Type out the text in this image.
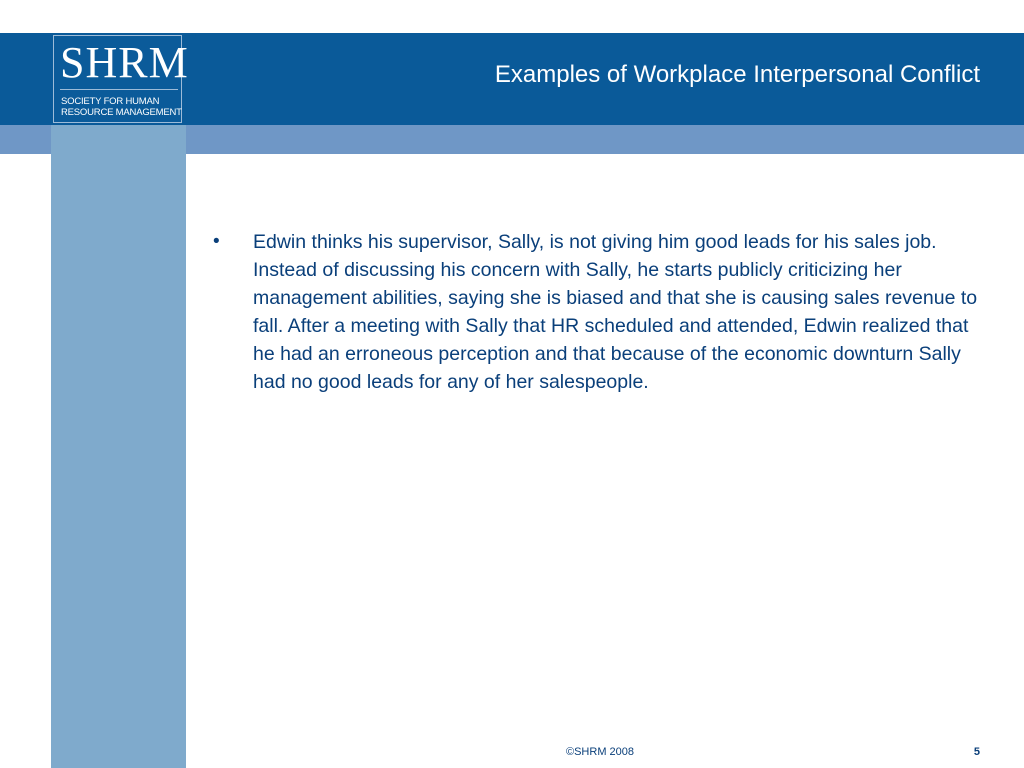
SHRM
SOCIETY FOR HUMAN
RESOURCE MANAGEMENT
TM
Examples of Workplace Interpersonal Conflict
• Edwin thinks his supervisor, Sally, is not giving him good leads for his sales job. Instead of discussing his concern with Sally, he starts publicly criticizing her management abilities, saying she is biased and that she is causing sales revenue to fall. After a meeting with Sally that HR scheduled and attended, Edwin realized that he had an erroneous perception and that because of the economic downturn Sally had no good leads for any of her salespeople.
©SHRM 2008	5
